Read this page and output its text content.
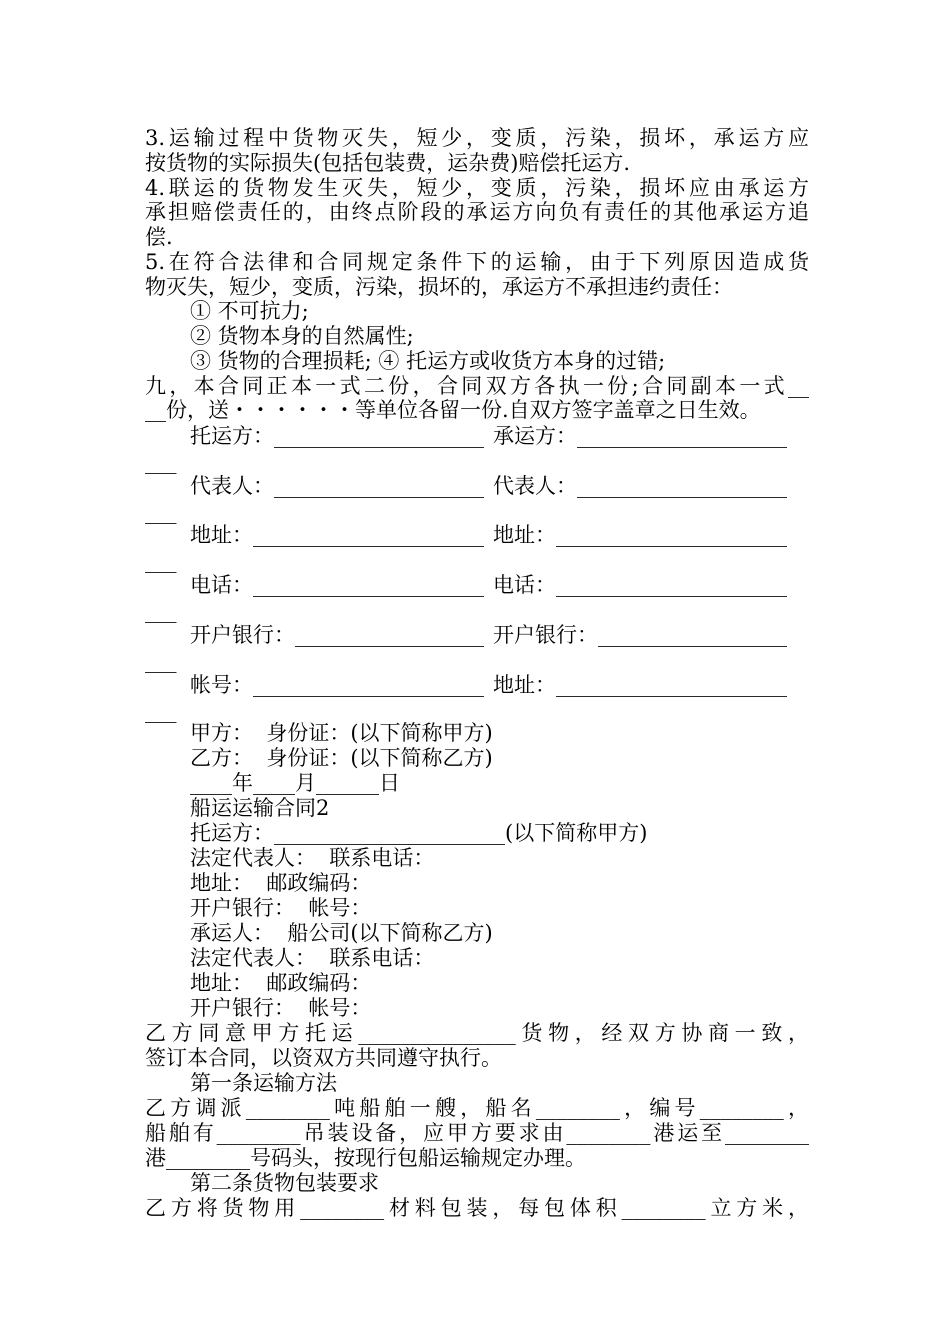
3.运输过程中货物灭失，短少，变质，污染，损坏，承运方应
按货物的实际损失(包括包装费，运杂费)赔偿托运方.
4.联运的货物发生灭失，短少，变质，污染，损坏应由承运方
承担赔偿责任的，由终点阶段的承运方向负有责任的其他承运方追
偿.
5.在符合法律和合同规定条件下的运输，由于下列原因造成货
物灭失，短少，变质，污染，损坏的，承运方不承担违约责任：
① 不可抗力;
② 货物本身的自然属性;
③ 货物的合理损耗; ④ 托运方或收货方本身的过错;
九，本合同正本一式二份，合同双方各执一份;合同副本一式__
__份，送・・・・・・等单位各留一份.自双方签字盖章之日生效。
托运方：____________________ 承运方：____________________
___
代表人：____________________ 代表人：____________________
___
地址：______________________ 地址：______________________
___
电话：______________________ 电话：______________________
___
开户银行：__________________ 开户银行：__________________
___
帐号：______________________ 地址：______________________
___
甲方：  身份证：(以下简称甲方)
乙方：  身份证：(以下简称乙方)
____年____月______日
船运运输合同2
托运方：______________________(以下简称甲方)
法定代表人：  联系电话：
地址：  邮政编码：
开户银行：  帐号：
承运人：  船公司(以下简称乙方)
法定代表人：  联系电话：
地址：  邮政编码：
开户银行：  帐号：
乙方同意甲方托运_______________货物，经双方协商一致，
签订本合同，以资双方共同遵守执行。
第一条运输方法
乙方调派________吨船舶一艘，船名________，编号________，
船舶有________吊装设备，应甲方要求由________港运至________
港________号码头，按现行包船运输规定办理。
第二条货物包装要求
乙方将货物用________材料包装，每包体积________立方米，
